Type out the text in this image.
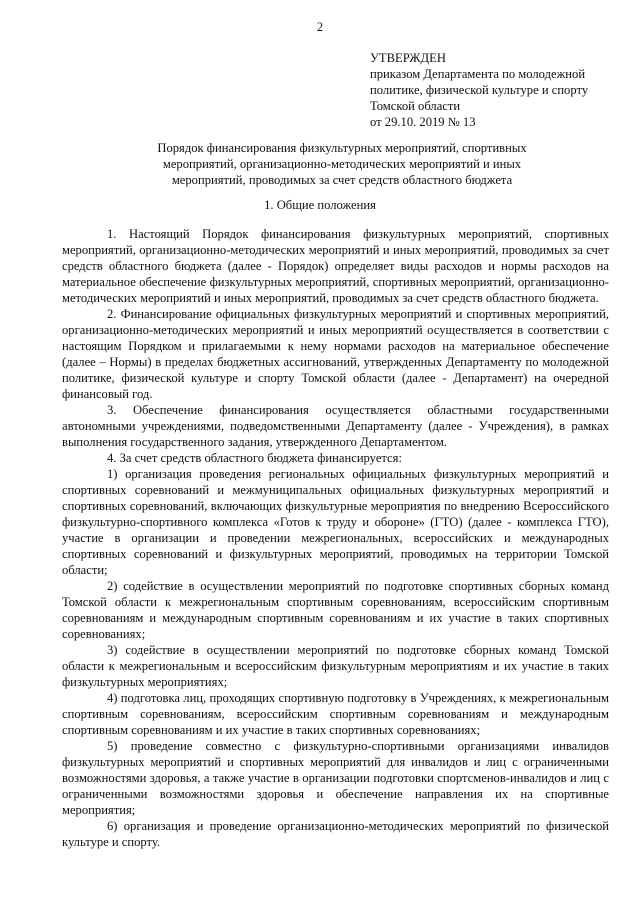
2
УТВЕРЖДЕН
приказом Департамента по молодежной
политике, физической культуре и спорту
Томской области
от 29.10. 2019 № 13
Порядок финансирования физкультурных мероприятий, спортивных
мероприятий, организационно-методических мероприятий и иных
мероприятий, проводимых за счет средств областного бюджета
1. Общие положения

1. Настоящий Порядок финансирования физкультурных мероприятий, спортивных мероприятий, организационно-методических мероприятий и иных мероприятий, проводимых за счет средств областного бюджета (далее - Порядок) определяет виды расходов и нормы расходов на материальное обеспечение физкультурных мероприятий, спортивных мероприятий, организационно-методических мероприятий и иных мероприятий, проводимых за счет средств областного бюджета.

2. Финансирование официальных физкультурных мероприятий и спортивных мероприятий, организационно-методических мероприятий и иных мероприятий осуществляется в соответствии с настоящим Порядком и прилагаемыми к нему нормами расходов на материальное обеспечение (далее – Нормы) в пределах бюджетных ассигнований, утвержденных Департаменту по молодежной политике, физической культуре и спорту Томской области (далее - Департамент) на очередной финансовый год.

3. Обеспечение финансирования осуществляется областными государственными автономными учреждениями, подведомственными Департаменту (далее - Учреждения), в рамках выполнения государственного задания, утвержденного Департаментом.

4. За счет средств областного бюджета финансируется:

1) организация проведения региональных официальных физкультурных мероприятий и спортивных соревнований и межмуниципальных официальных физкультурных мероприятий и спортивных соревнований, включающих физкультурные мероприятия по внедрению Всероссийского физкультурно-спортивного комплекса «Готов к труду и обороне» (ГТО) (далее - комплекса ГТО), участие в организации и проведении межрегиональных, всероссийских и международных спортивных соревнований и физкультурных мероприятий, проводимых на территории Томской области;

2) содействие в осуществлении мероприятий по подготовке спортивных сборных команд Томской области к межрегиональным спортивным соревнованиям, всероссийским спортивным соревнованиям и международным спортивным соревнованиям и их участие в таких спортивных соревнованиях;

3) содействие в осуществлении мероприятий по подготовке сборных команд Томской области к межрегиональным и всероссийским физкультурным мероприятиям и их участие в таких физкультурных мероприятиях;

4) подготовка лиц, проходящих спортивную подготовку в Учреждениях, к межрегиональным спортивным соревнованиям, всероссийским спортивным соревнованиям и международным спортивным соревнованиям и их участие в таких спортивных соревнованиях;

5) проведение совместно с физкультурно-спортивными организациями инвалидов физкультурных мероприятий и спортивных мероприятий для инвалидов и лиц с ограниченными возможностями здоровья, а также участие в организации подготовки спортсменов-инвалидов и лиц с ограниченными возможностями здоровья и обеспечение направления их на спортивные мероприятия;

6) организация и проведение организационно-методических мероприятий по физической культуре и спорту.
